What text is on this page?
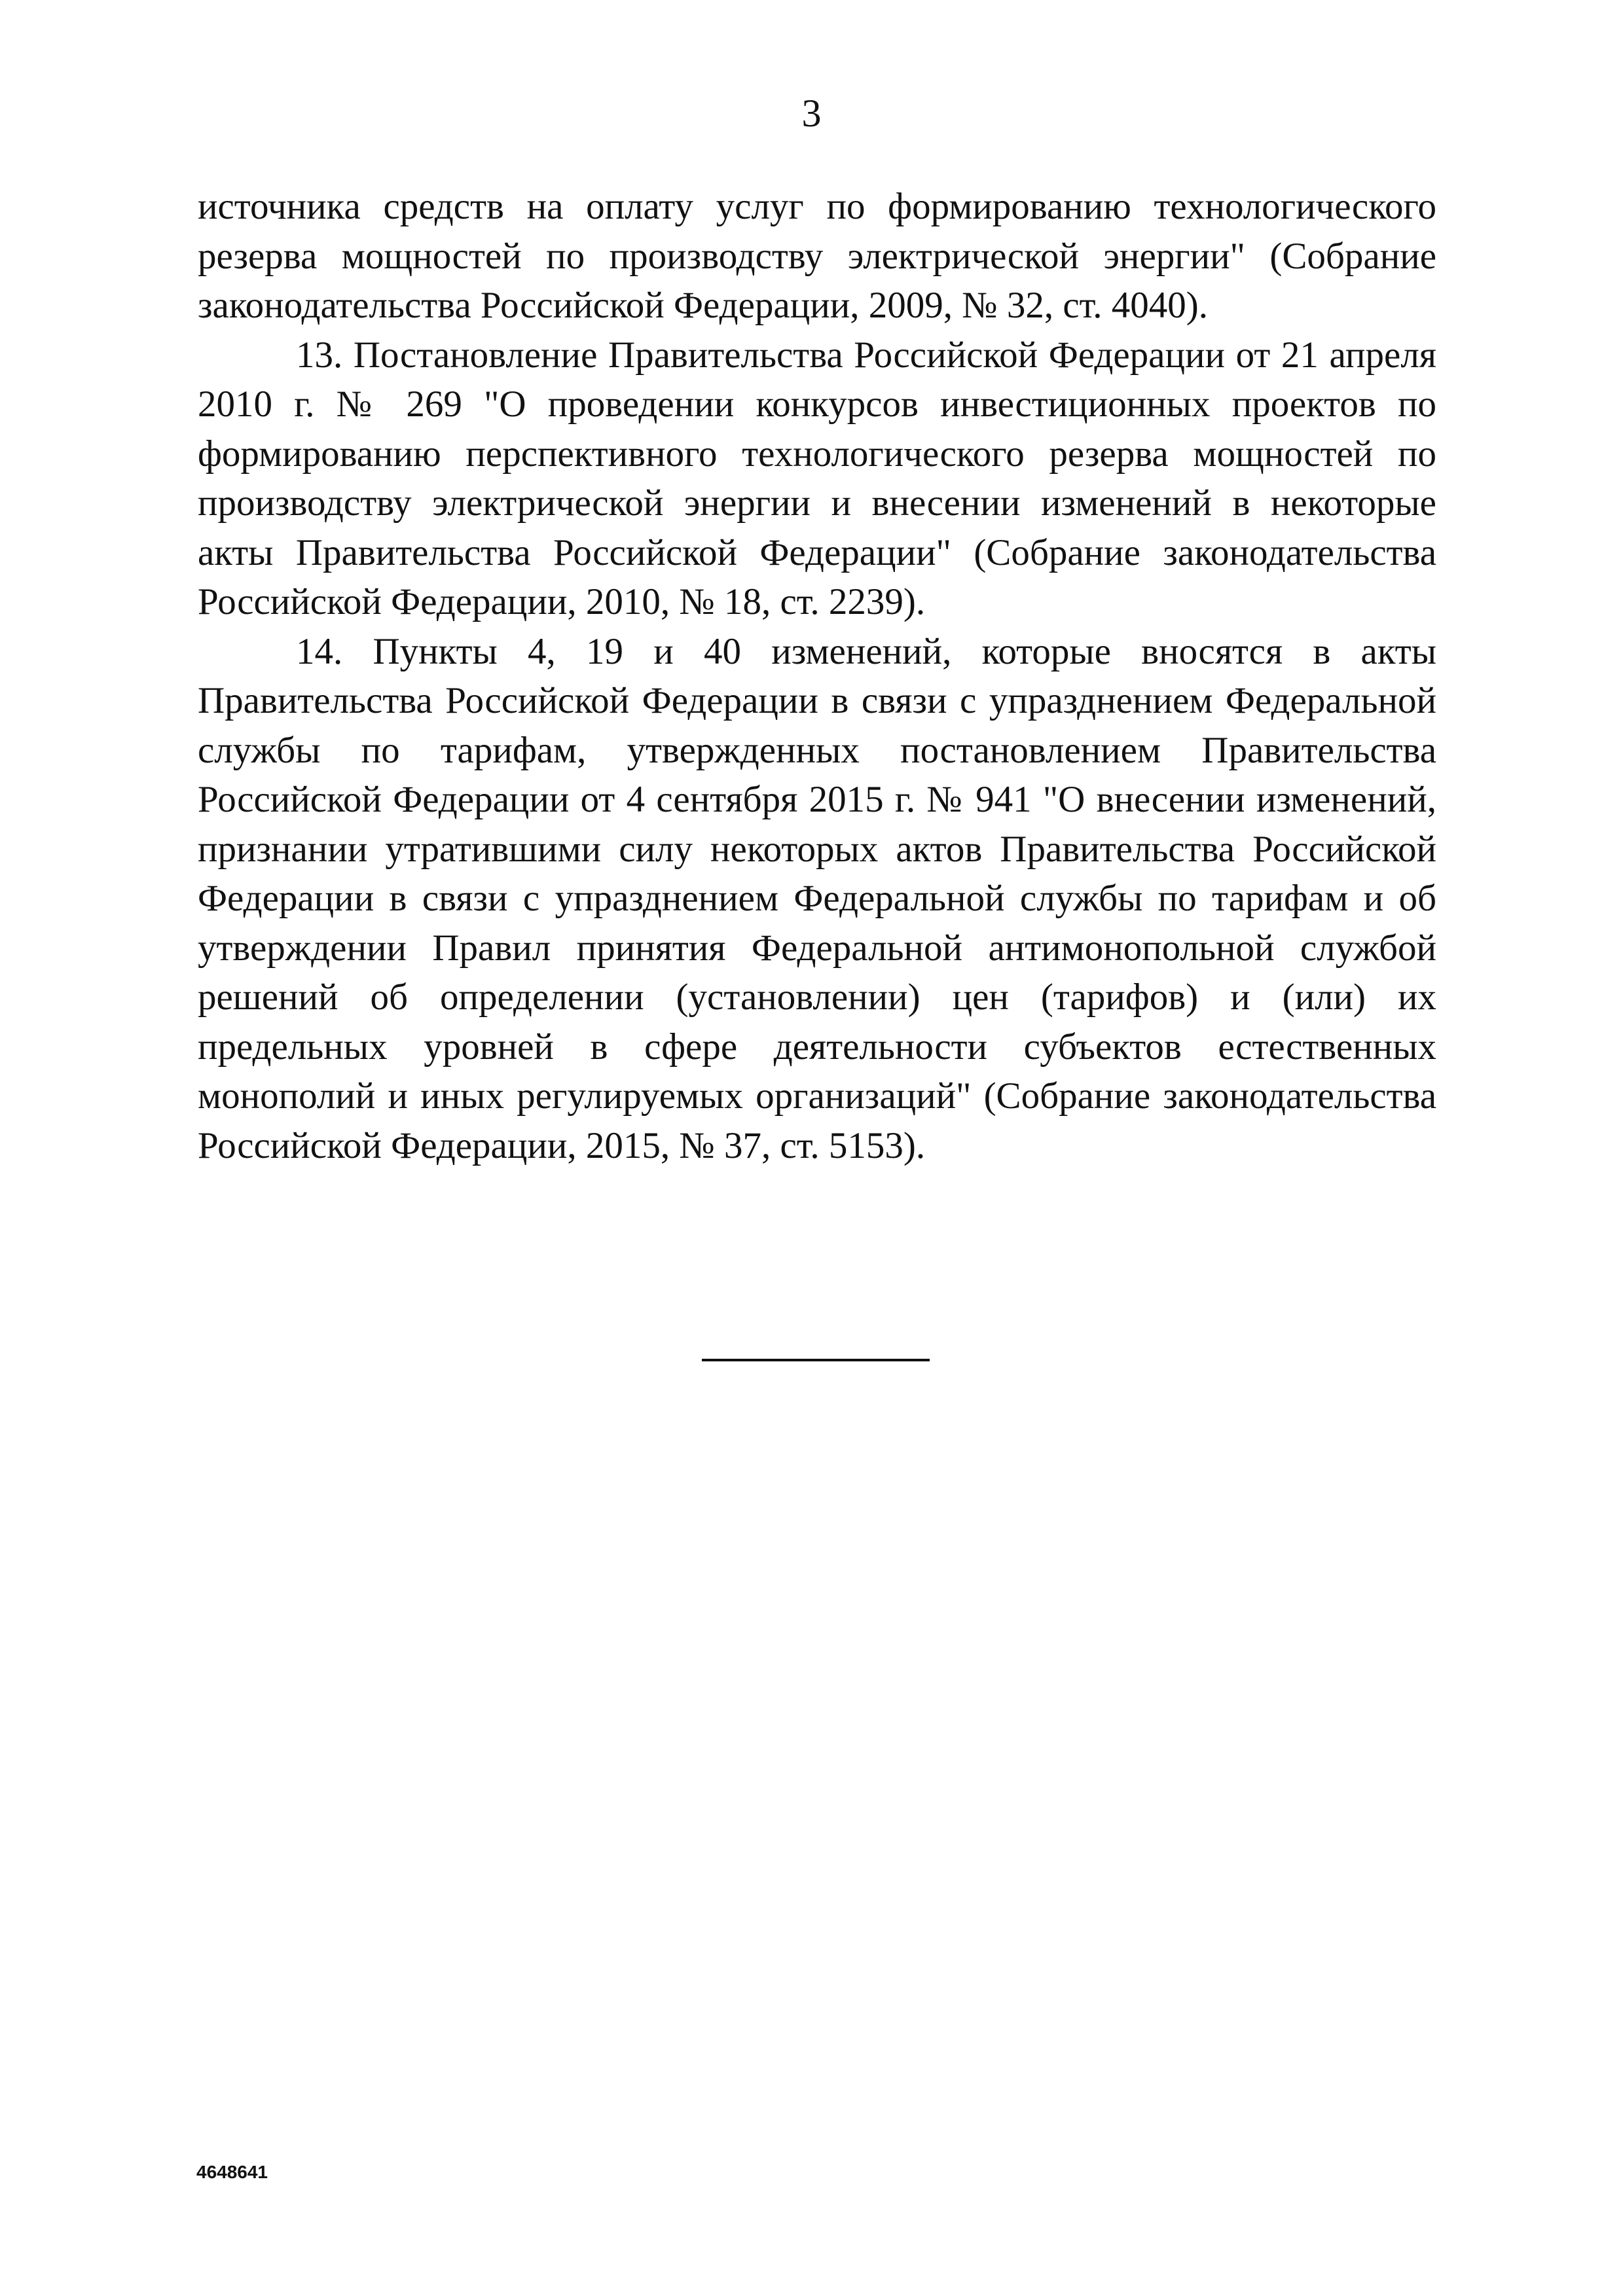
3

источника средств на оплату услуг по формированию технологического резерва мощностей по производству электрической энергии" (Собрание законодательства Российской Федерации, 2009, № 32, ст. 4040).

13. Постановление Правительства Российской Федерации от 21 апреля 2010 г. № 269 "О проведении конкурсов инвестиционных проектов по формированию перспективного технологического резерва мощностей по производству электрической энергии и внесении изменений в некоторые акты Правительства Российской Федерации" (Собрание законодательства Российской Федерации, 2010, № 18, ст. 2239).

14. Пункты 4, 19 и 40 изменений, которые вносятся в акты Правительства Российской Федерации в связи с упразднением Федеральной службы по тарифам, утвержденных постановлением Правительства Российской Федерации от 4 сентября 2015 г. № 941 "О внесении изменений, признании утратившими силу некоторых актов Правительства Российской Федерации в связи с упразднением Федеральной службы по тарифам и об утверждении Правил принятия Федеральной антимонопольной службой решений об определении (установлении) цен (тарифов) и (или) их предельных уровней в сфере деятельности субъектов естественных монополий и иных регулируемых организаций" (Собрание законодательства Российской Федерации, 2015, № 37, ст. 5153).

4648641
